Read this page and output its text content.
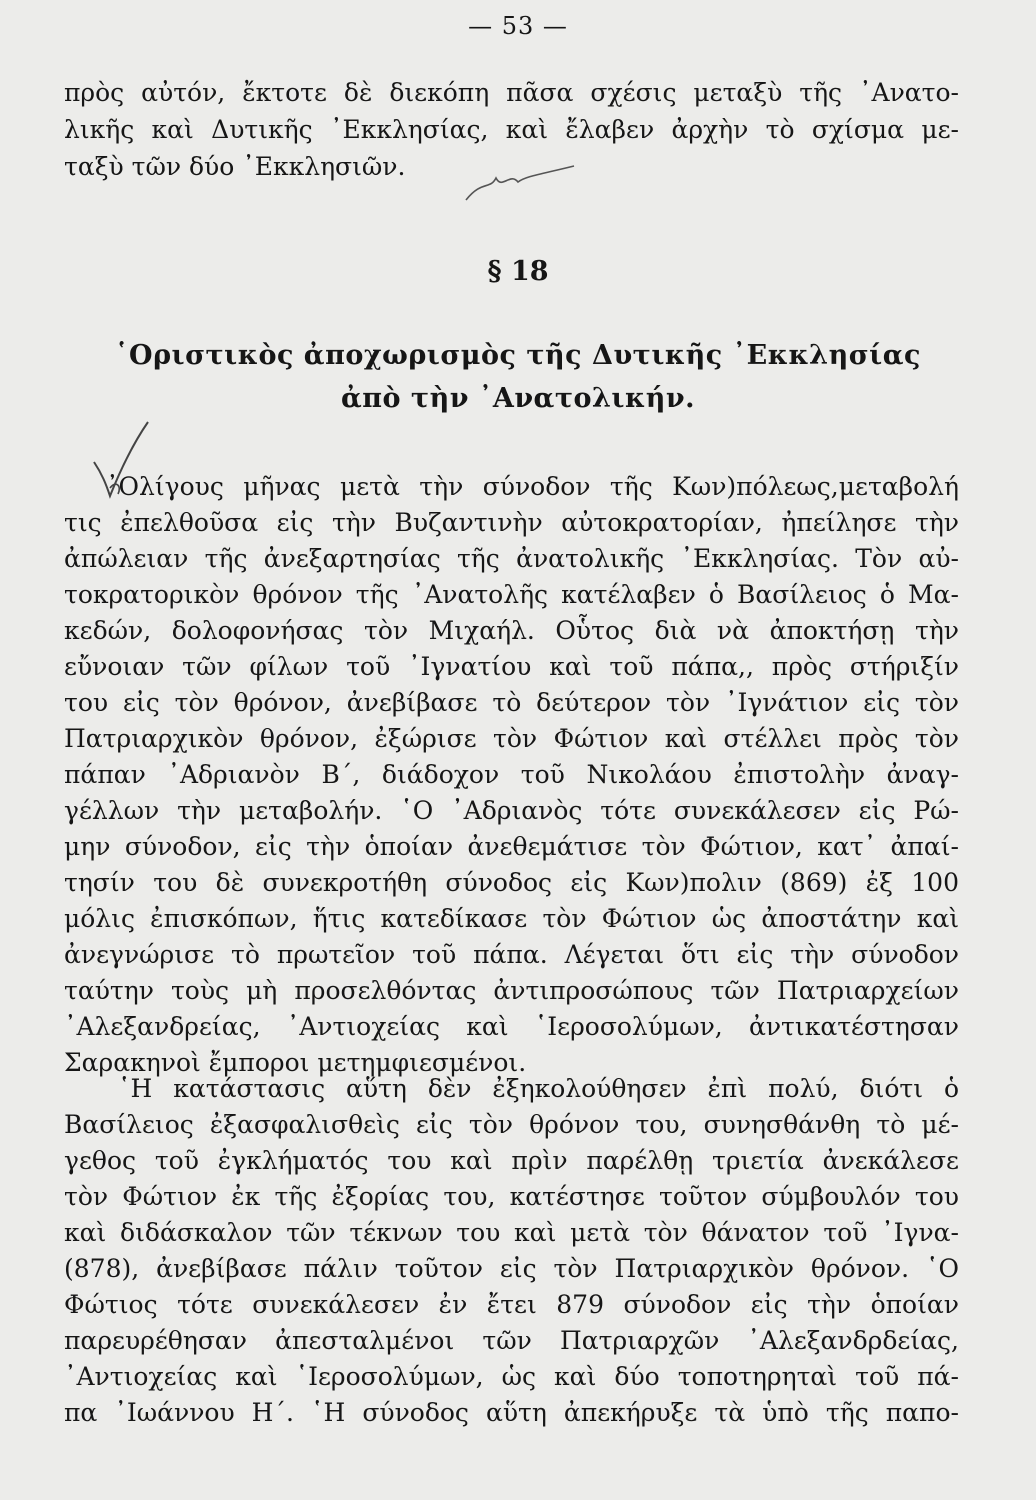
— 53 —
πρὸς αὐτόν, ἔκτοτε δὲ διεκόπη πᾶσα σχέσις μεταξὺ τῆς ᾿Ανατο-
λικῆς καὶ Δυτικῆς ᾿Εκκλησίας, καὶ ἔλαβεν ἀρχὴν τὸ σχίσμα με-
ταξὺ τῶν δύο ᾿Εκκλησιῶν.
§ 18
῾Οριστικὸς ἀποχωρισμὸς τῆς Δυτικῆς ᾿Εκκλησίας
ἀπὸ τὴν ᾿Ανατολικήν.
᾿Ολίγους μῆνας μετὰ τὴν σύνοδον τῆς Κων)πόλεως,μεταβολή
τις ἐπελθοῦσα εἰς τὴν Βυζαντινὴν αὐτοκρατορίαν, ἠπείλησε τὴν
ἀπώλειαν τῆς ἀνεξαρτησίας τῆς ἀνατολικῆς ᾿Εκκλησίας. Τὸν αὐ-
τοκρατορικὸν θρόνον τῆς ᾿Ανατολῆς κατέλαβεν ὁ Βασίλειος ὁ Μα-
κεδών, δολοφονήσας τὸν Μιχαήλ. Οὗτος διὰ νὰ ἀποκτήσῃ τὴν
εὔνοιαν τῶν φίλων τοῦ ᾿Ιγνατίου καὶ τοῦ πάπα,, πρὸς στήριξίν
του εἰς τὸν θρόνον, ἀνεβίβασε τὸ δεύτερον τὸν ᾿Ιγνάτιον εἰς τὸν
Πατριαρχικὸν θρόνον, ἐξώρισε τὸν Φώτιον καὶ στέλλει πρὸς τὸν
πάπαν ᾿Αδριανὸν Β΄, διάδοχον τοῦ Νικολάου ἐπιστολὴν ἀναγ-
γέλλων τὴν μεταβολήν. ῾Ο ᾿Αδριανὸς τότε συνεκάλεσεν εἰς Ρώ-
μην σύνοδον, εἰς τὴν ὁποίαν ἀνεθεμάτισε τὸν Φώτιον, κατ᾿ ἀπαί-
τησίν του δὲ συνεκροτήθη σύνοδος εἰς Κων)πολιν (869) ἐξ 100
μόλις ἐπισκόπων, ἥτις κατεδίκασε τὸν Φώτιον ὡς ἀποστάτην καὶ
ἀνεγνώρισε τὸ πρωτεῖον τοῦ πάπα. Λέγεται ὅτι εἰς τὴν σύνοδον
ταύτην τοὺς μὴ προσελθόντας ἀντιπροσώπους τῶν Πατριαρχείων
᾿Αλεξανδρείας, ᾿Αντιοχείας καὶ ῾Ιεροσολύμων, ἀντικατέστησαν
Σαρακηνοὶ ἔμποροι μετημφιεσμένοι.
῾Η κατάστασις αὕτη δὲν ἐξηκολούθησεν ἐπὶ πολύ, διότι ὁ
Βασίλειος ἐξασφαλισθεὶς εἰς τὸν θρόνον του, συνησθάνθη τὸ μέ-
γεθος τοῦ ἐγκλήματός του καὶ πρὶν παρέλθῃ τριετία ἀνεκάλεσε
τὸν Φώτιον ἐκ τῆς ἐξορίας του, κατέστησε τοῦτον σύμβουλόν του
καὶ διδάσκαλον τῶν τέκνων του καὶ μετὰ τὸν θάνατον τοῦ ᾿Ιγνα-
(878), ἀνεβίβασε πάλιν τοῦτον εἰς τὸν Πατριαρχικὸν θρόνον. ῾Ο
Φώτιος τότε συνεκάλεσεν ἐν ἔτει 879 σύνοδον εἰς τὴν ὁποίαν
παρευρέθησαν ἀπεσταλμένοι τῶν Πατριαρχῶν ᾿Αλεξανδρδείας,
᾿Αντιοχείας καὶ ῾Ιεροσολύμων, ὡς καὶ δύο τοποτηρηταὶ τοῦ πά-
πα ᾿Ιωάννου Η΄. ῾Η σύνοδος αὕτη ἀπεκήρυξε τὰ ὑπὸ τῆς παπο-
